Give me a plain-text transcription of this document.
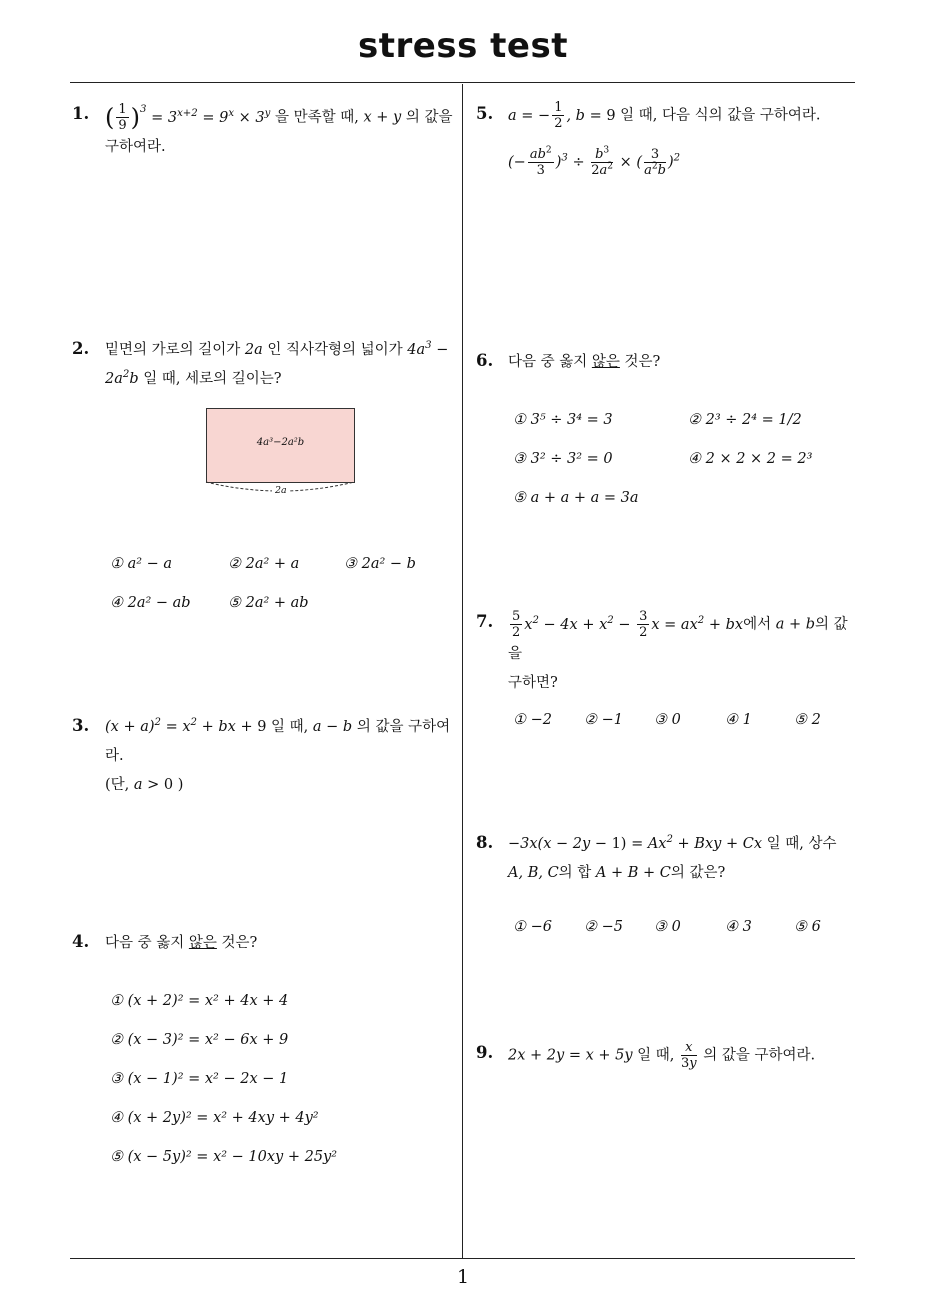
stress test
1
1. ( $\frac{1}{9} )^3 = 3^{x+2} = 9^x \times 3^y$ 을 만족할 때, x + y 의 값을
구하여라.
2. 밑면의 가로의 길이가 2a 인 직사각형의 넓이가 $4a^3$ −
$2a^2b$ 일 때, 세로의 길이는?
4a³−2a²b
2a
① a² − a	② 2a² + a	③ 2a² − b
④ 2a² − ab	⑤ 2a² + ab
3. $(x + a)^2 = x^2$ + bx + 9 일 때, a − b 의 값을 구하여라.
(단, a > 0 )
4. 다음 중 옳지 않은 것은?
① (x + 2)² = x² + 4x + 4
② (x − 3)² = x² − 6x + 9
③ (x − 1)² = x² − 2x − 1
④ (x + 2y)² = x² + 4xy + 4y²
⑤ (x − 5y)² = x² − 10xy + 25y²
5. a = − $\frac{1}{2}$ , b = 9 일 때, 다음 식의 값을 구하여라.
(− $\frac{ab^2}{3} )^3 \div \frac{b^3}{2a^2}$ × ( $\frac{3}{a^2b} )^2$
6. 다음 중 옳지 않은 것은?
① 3⁵ ÷ 3⁴ = 3	② 2³ ÷ 2⁴ = 1/2
③ 3² ÷ 3² = 0	④ 2 × 2 × 2 = 2³
⑤ a + a + a = 3a
7. $\frac{5}{2} x^2 - 4x + x^2 - \frac{3}{2}$ $x = ax^2$ + bx에서 a + b의 값을
구하면?
① −2 ② −1 ③ 0	④ 1	⑤ 2
8. $-3x(x - 2y - 1) = Ax^2$ + Bxy + Cx 일 때, 상수
A, B, C의 합 A + B + C의 값은?
① −6 ② −5 ③ 0	④ 3	⑤ 6
9. 2x + 2y = x + 5y 일 때, $\frac{x}{3y}$ 의 값을 구하여라.
